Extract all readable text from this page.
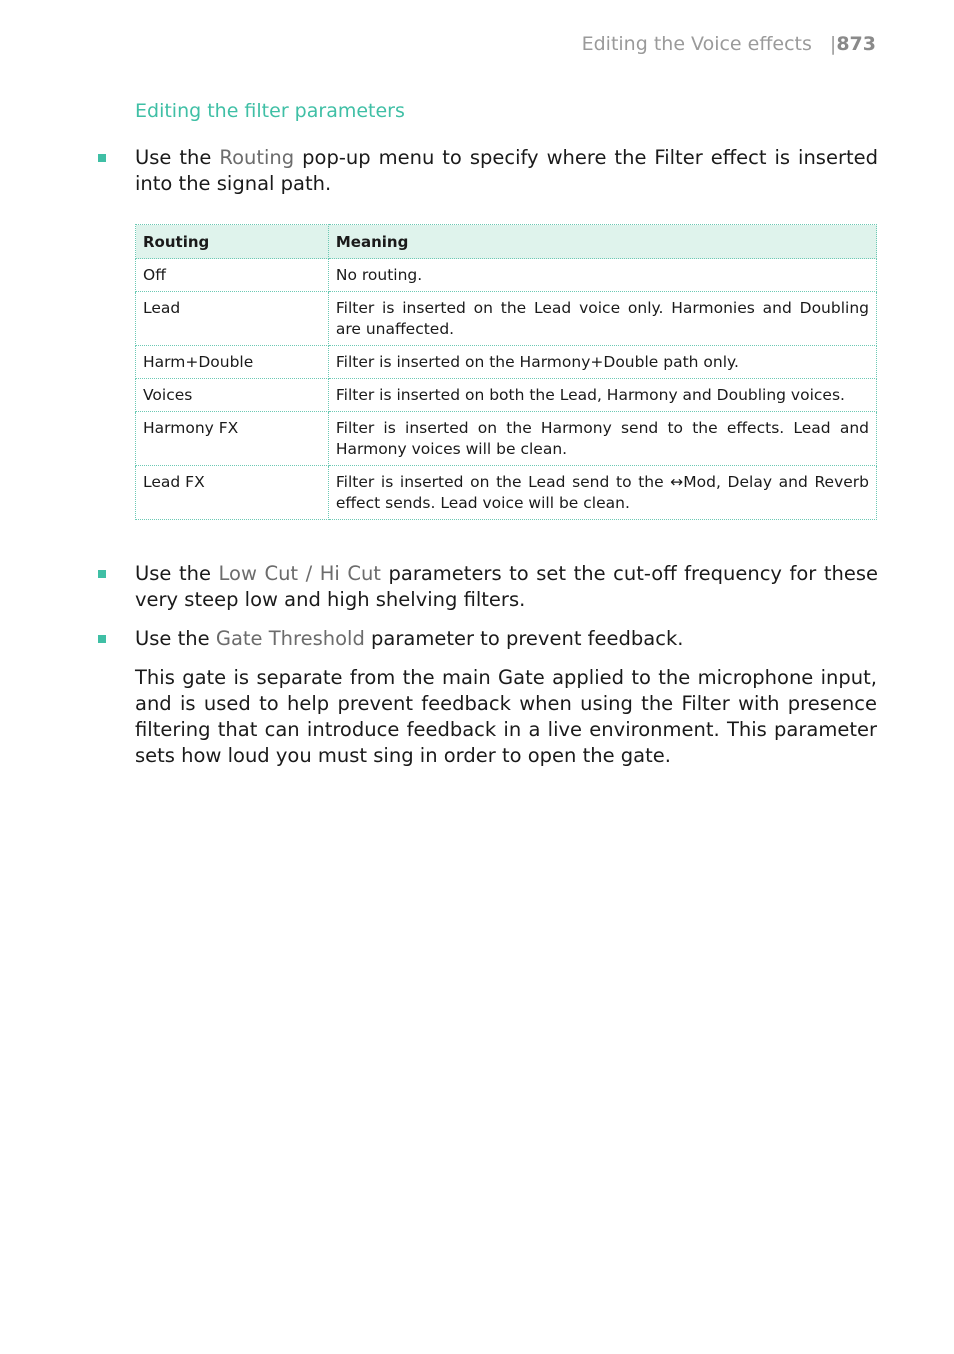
Editing the Voice effects |873
Editing the filter parameters
Use the Routing pop-up menu to specify where the Filter effect is inserted into the signal path.
Routing	Meaning
Off	No routing.
Lead	Filter is inserted on the Lead voice only. Harmonies and Doubling are unaffected.
Harm+Double	Filter is inserted on the Harmony+Double path only.
Voices	Filter is inserted on both the Lead, Harmony and Doubling voices.
Harmony FX	Filter is inserted on the Harmony send to the effects. Lead and Harmony voices will be clean.
Lead FX	Filter is inserted on the Lead send to the ↔Mod, Delay and Reverb effect sends. Lead voice will be clean.
Use the Low Cut / Hi Cut parameters to set the cut-off frequency for these very steep low and high shelving filters.
Use the Gate Threshold parameter to prevent feedback.
This gate is separate from the main Gate applied to the microphone input, and is used to help prevent feedback when using the Filter with presence filtering that can introduce feedback in a live environment. This parameter sets how loud you must sing in order to open the gate.
